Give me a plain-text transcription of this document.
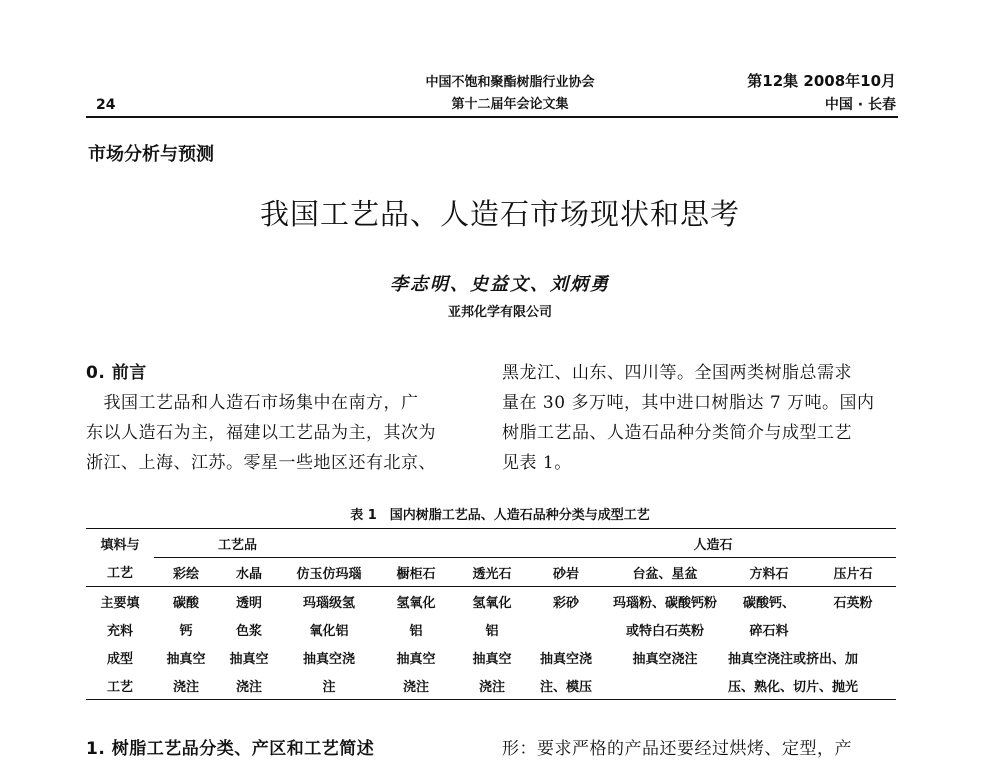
24
中国不饱和聚酯树脂行业协会
第十二届年会论文集
第12集 2008年10月
中国 · 长春
市场分析与预测
我国工艺品、人造石市场现状和思考
李志明、史益文、刘炳勇
亚邦化学有限公司
0. 前言
　我国工艺品和人造石市场集中在南方，广
东以人造石为主，福建以工艺品为主，其次为
浙江、上海、江苏。零星一些地区还有北京、
黑龙江、山东、四川等。全国两类树脂总需求
量在 30 多万吨，其中进口树脂达 7 万吨。国内
树脂工艺品、人造石品种分类简介与成型工艺
见表 1。
表 1　国内树脂工艺品、人造石品种分类与成型工艺
填料与	工艺品					人造石			
工艺	彩绘	水晶	仿玉仿玛瑙	橱柜石	透光石	砂岩	台盆、星盆	方料石	压片石
主要填	碳酸	透明	玛瑙级氢	氢氧化	氢氧化	彩砂	玛瑙粉、碳酸钙粉	碳酸钙、	石英粉
充料	钙	色浆	氧化铝	铝	铝		或特白石英粉	碎石料	
成型	抽真空	抽真空	抽真空浇	抽真空	抽真空	抽真空浇	抽真空浇注	抽真空浇注或挤出、加	
工艺	浇注	浇注	注	浇注	浇注	注、模压		压、熟化、切片、抛光	
1. 树脂工艺品分类、产区和工艺简述	形：要求严格的产品还要经过烘烤、定型，产
